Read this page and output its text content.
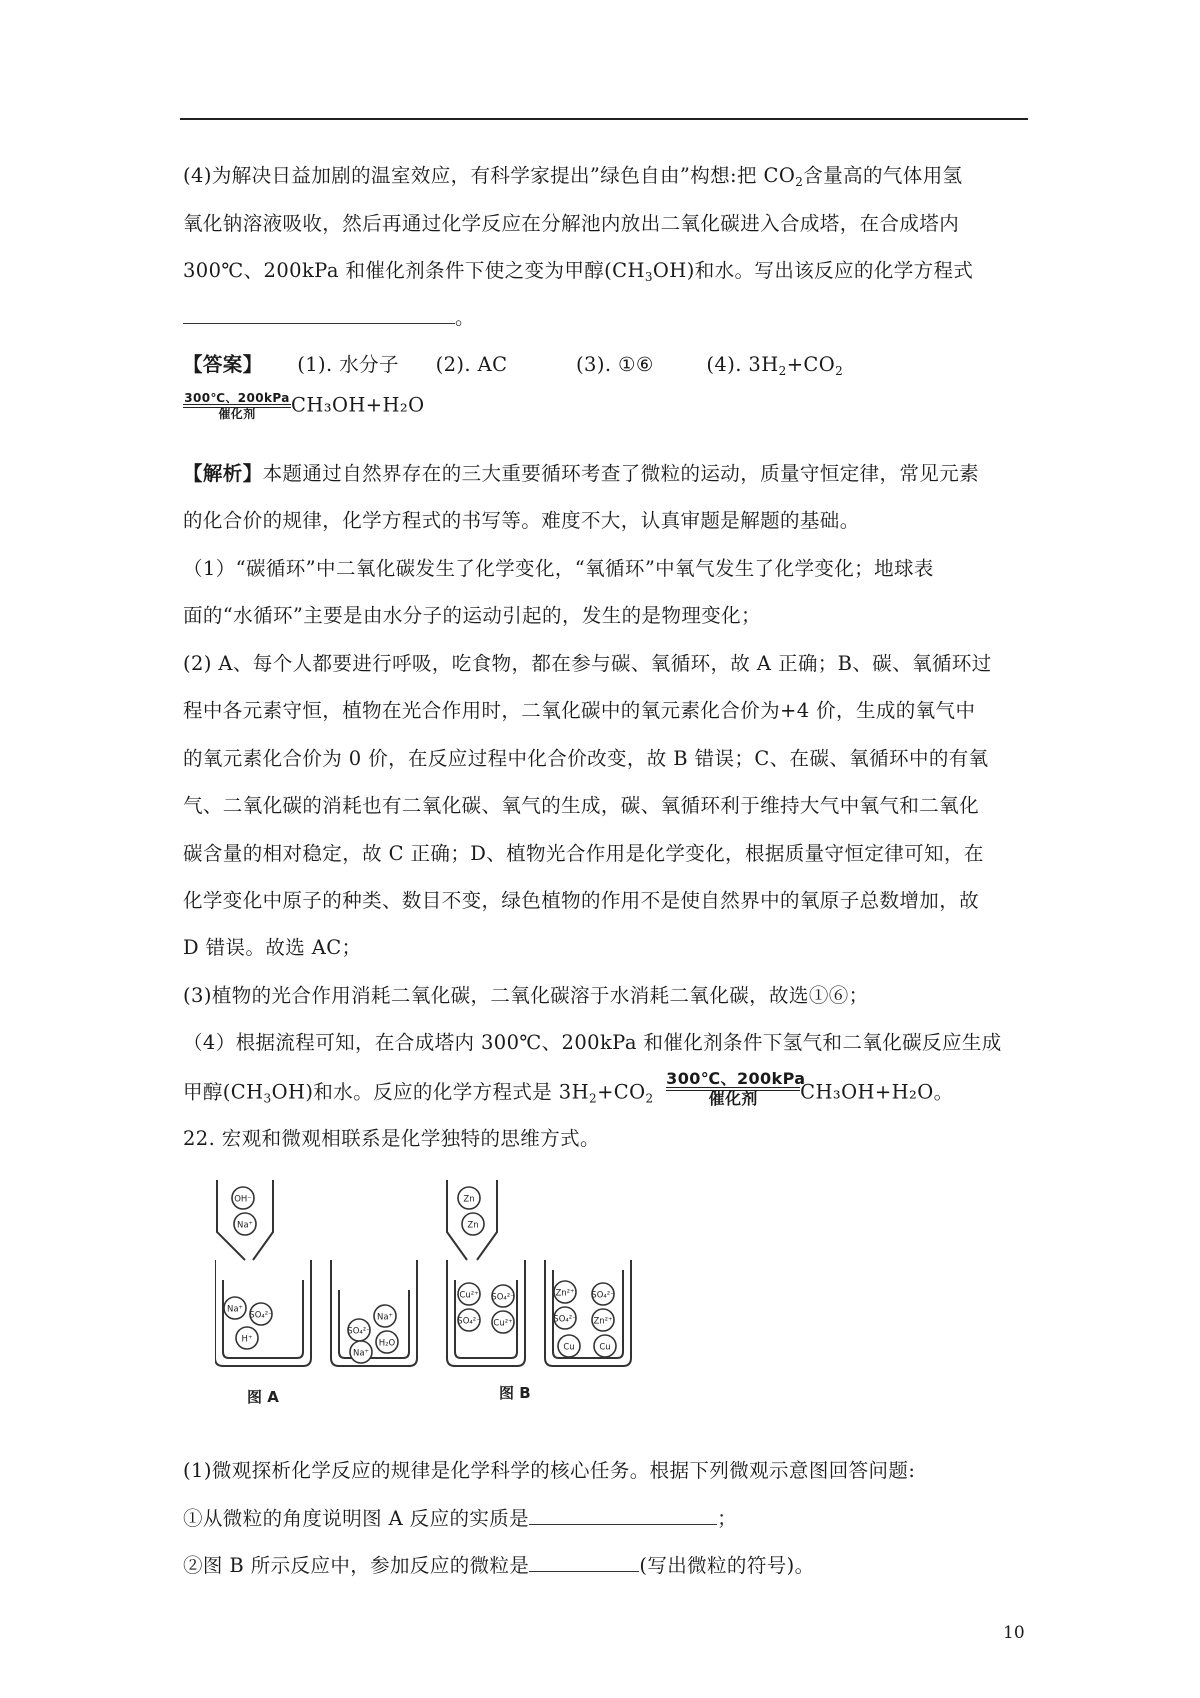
(4)为解决日益加剧的温室效应，有科学家提出”绿色自由”构想:把 $CO_2$含量高的气体用氢
氧化钠溶液吸收，然后再通过化学反应在分解池内放出二氧化碳进入合成塔，在合成塔内
300℃、200kPa 和催化剂条件下使之变为甲醇$(CH_3OH)$和水。写出该反应的化学方程式
。
【答案】 (1). 水分子 (2). AC	(3). ①⑥	(4). $3H_2+CO_2$
300℃、200kPa
催化剂	CH₃OH+H₂O
【解析】本题通过自然界存在的三大重要循环考查了微粒的运动，质量守恒定律，常见元素
的化合价的规律，化学方程式的书写等。难度不大，认真审题是解题的基础。
（1）“碳循环”中二氧化碳发生了化学变化，“氧循环”中氧气发生了化学变化；地球表
面的“水循环”主要是由水分子的运动引起的，发生的是物理变化；
(2) A、每个人都要进行呼吸，吃食物，都在参与碳、氧循环，故 A 正确；B、碳、氧循环过
程中各元素守恒，植物在光合作用时，二氧化碳中的氧元素化合价为+4 价，生成的氧气中
的氧元素化合价为 0 价，在反应过程中化合价改变，故 B 错误；C、在碳、氧循环中的有氧
气、二氧化碳的消耗也有二氧化碳、氧气的生成，碳、氧循环利于维持大气中氧气和二氧化
碳含量的相对稳定，故 C 正确；D、植物光合作用是化学变化，根据质量守恒定律可知，在
化学变化中原子的种类、数目不变，绿色植物的作用不是使自然界中的氧原子总数增加，故
D 错误。故选 AC；
(3)植物的光合作用消耗二氧化碳，二氧化碳溶于水消耗二氧化碳，故选①⑥；
（4）根据流程可知，在合成塔内 300℃、200kPa 和催化剂条件下氢气和二氧化碳反应生成
甲醇$(CH_3OH)$和水。反应的化学方程式是 $3H_2+CO_2$
300℃、200kPa
催化剂	CH₃OH+H₂O。
22. 宏观和微观相联系是化学独特的思维方式。
OH⁻
Na⁺
Na⁺
SO₄²⁻
H⁺
Na⁺
SO₄²⁻
H₂O
Na⁺
Zn
Zn
Cu²⁺ SO₄²⁻
SO₄²⁻ Cu²⁺
Zn²⁺ SO₄²⁻
SO₄²⁻ Zn²⁺
Cu	Cu
图 A	图 B
(1)微观探析化学反应的规律是化学科学的核心任务。根据下列微观示意图回答问题:
①从微粒的角度说明图 A 反应的实质是	；
②图 B 所示反应中，参加反应的微粒是	(写出微粒的符号)。
10
